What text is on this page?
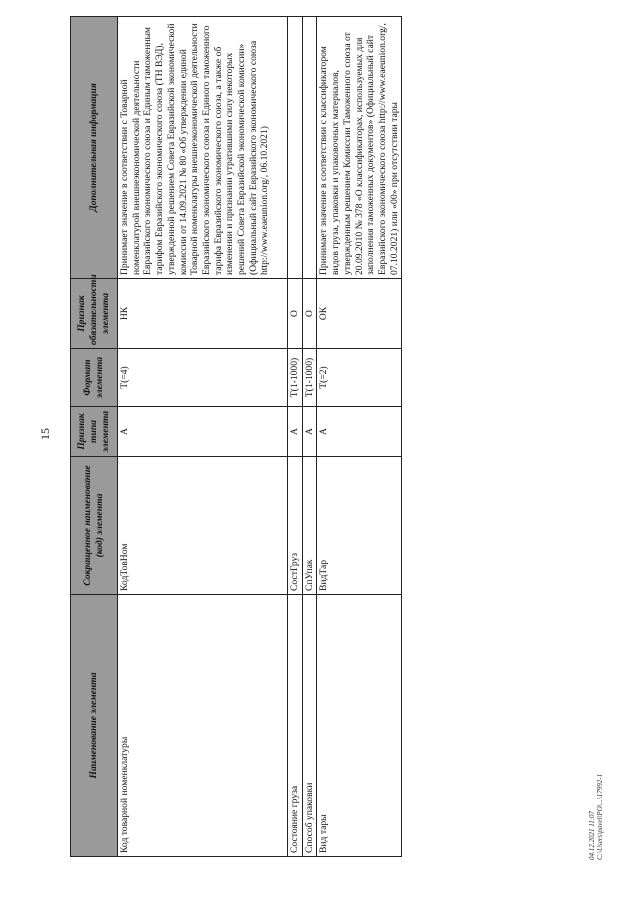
15
Наименование элемента	Сокращенное наименование (код) элемента	Признак типа элемента	Формат элемента	Признак обязательности элемента	Дополнительная информация
Код товарной номенклатуры	КодТовНом	А	Т(=4)	НК	Принимает значение в соответствии с Товарной номенклатурой внешнеэкономической деятельности Евразийского экономического союза и Единым таможенным тарифом Евразийского экономического союза (ТН ВЭД), утвержденной решением Совета Евразийской экономической комиссии от 14.09.2021 № 80 «Об утверждении единой Товарной номенклатуры внешнеэкономической деятельности Евразийского экономического союза и Единого таможенного тарифа Евразийского экономического союза, а также об изменении и признании утратившими силу некоторых решений Совета Евразийской экономической комиссии» (Официальный сайт Евразийского экономического союза http://www.eaeunion.org/, 06.10.2021)
Состояние груза	СостГруз	А	Т(1-1000)	О	
Способ упаковки	СпУпак	А	Т(1-1000)	О	
Вид тары	ВидТар	А	Т(=2)	ОК	Принимает значение в соответствии с классификатором видов груза, упаковки и упаковочных материалов, утвержденным решением Комиссии Таможенного союза от 20.09.2010 № 378 «О классификаторах, используемых для заполнения таможенных документов» (Официальный сайт Евразийского экономического союза http://www.eaeunion.org/, 07.10.2021) или «00» при отсутствии тары
04.12.2021 11:07 C:\Users\pavel\PO\...\17992-1
